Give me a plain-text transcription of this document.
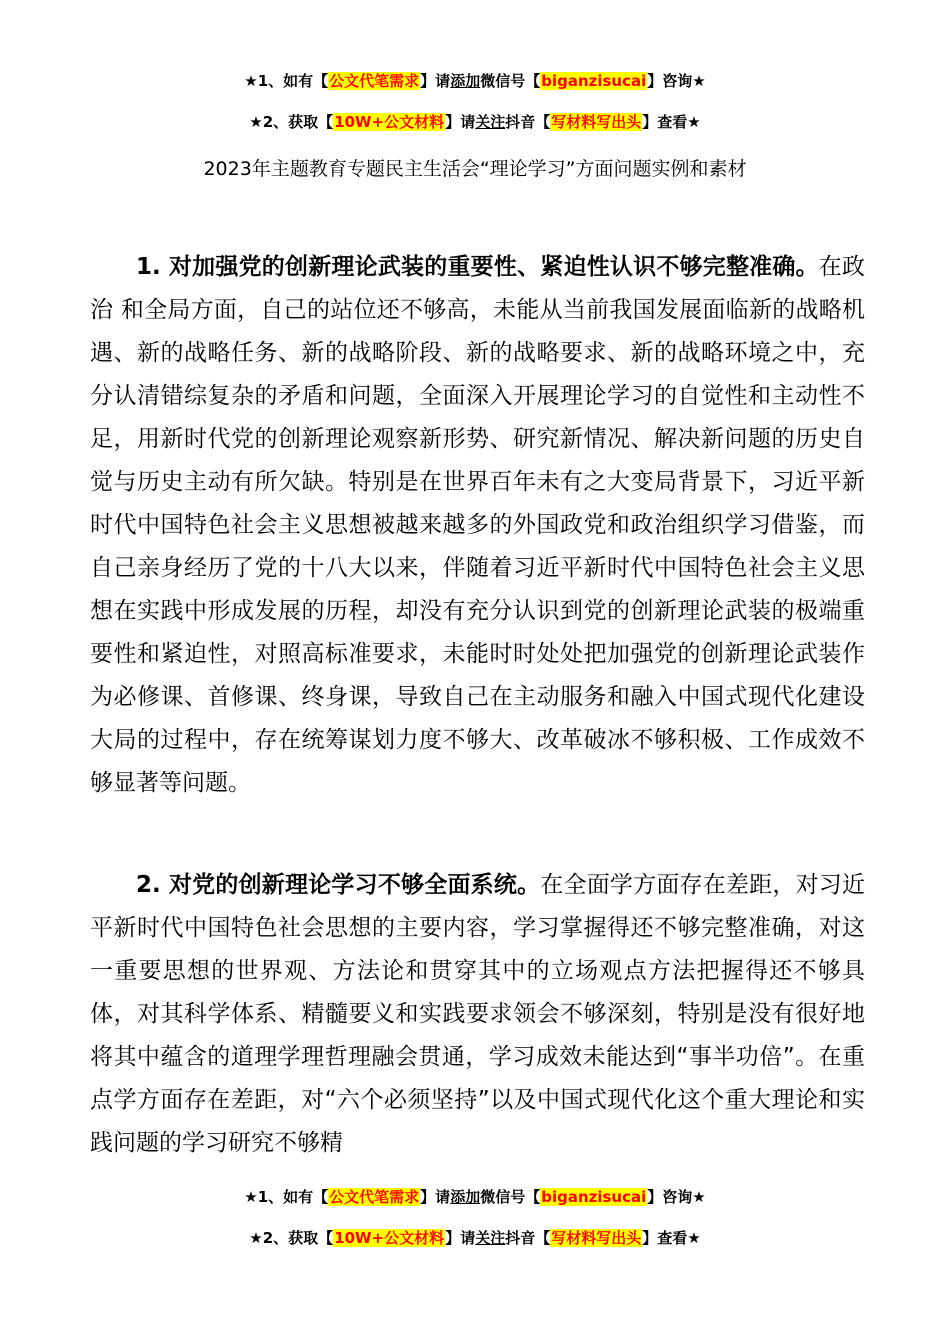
★1、如有【公文代笔需求】请添加微信号【biganzisucai】咨询★
★2、获取【10W+公文材料】请关注抖音【写材料写出头】查看★
2023年主题教育专题民主生活会“理论学习”方面问题实例和素材

1. 对加强党的创新理论武装的重要性、紧迫性认识不够完整准确。在政治 和全局方面，自己的站位还不够高，未能从当前我国发展面临新的战略机遇、新的战略任务、新的战略阶段、新的战略要求、新的战略环境之中，充分认清错综复杂的矛盾和问题，全面深入开展理论学习的自觉性和主动性不足，用新时代党的创新理论观察新形势、研究新情况、解决新问题的历史自觉与历史主动有所欠缺。特别是在世界百年未有之大变局背景下，习近平新时代中国特色社会主义思想被越来越多的外国政党和政治组织学习借鉴，而自己亲身经历了党的十八大以来，伴随着习近平新时代中国特色社会主义思想在实践中形成发展的历程，却没有充分认识到党的创新理论武装的极端重要性和紧迫性，对照高标准要求，未能时时处处把加强党的创新理论武装作为必修课、首修课、终身课，导致自己在主动服务和融入中国式现代化建设大局的过程中，存在统筹谋划力度不够大、改革破冰不够积极、工作成效不够显著等问题。

2. 对党的创新理论学习不够全面系统。在全面学方面存在差距，对习近平新时代中国特色社会思想的主要内容，学习掌握得还不够完整准确，对这一重要思想的世界观、方法论和贯穿其中的立场观点方法把握得还不够具体，对其科学体系、精髓要义和实践要求领会不够深刻，特别是没有很好地将其中蕴含的道理学理哲理融会贯通，学习成效未能达到“事半功倍”。在重点学方面存在差距，对“六个必须坚持”以及中国式现代化这个重大理论和实践问题的学习研究不够精

★1、如有【公文代笔需求】请添加微信号【biganzisucai】咨询★
★2、获取【10W+公文材料】请关注抖音【写材料写出头】查看★
